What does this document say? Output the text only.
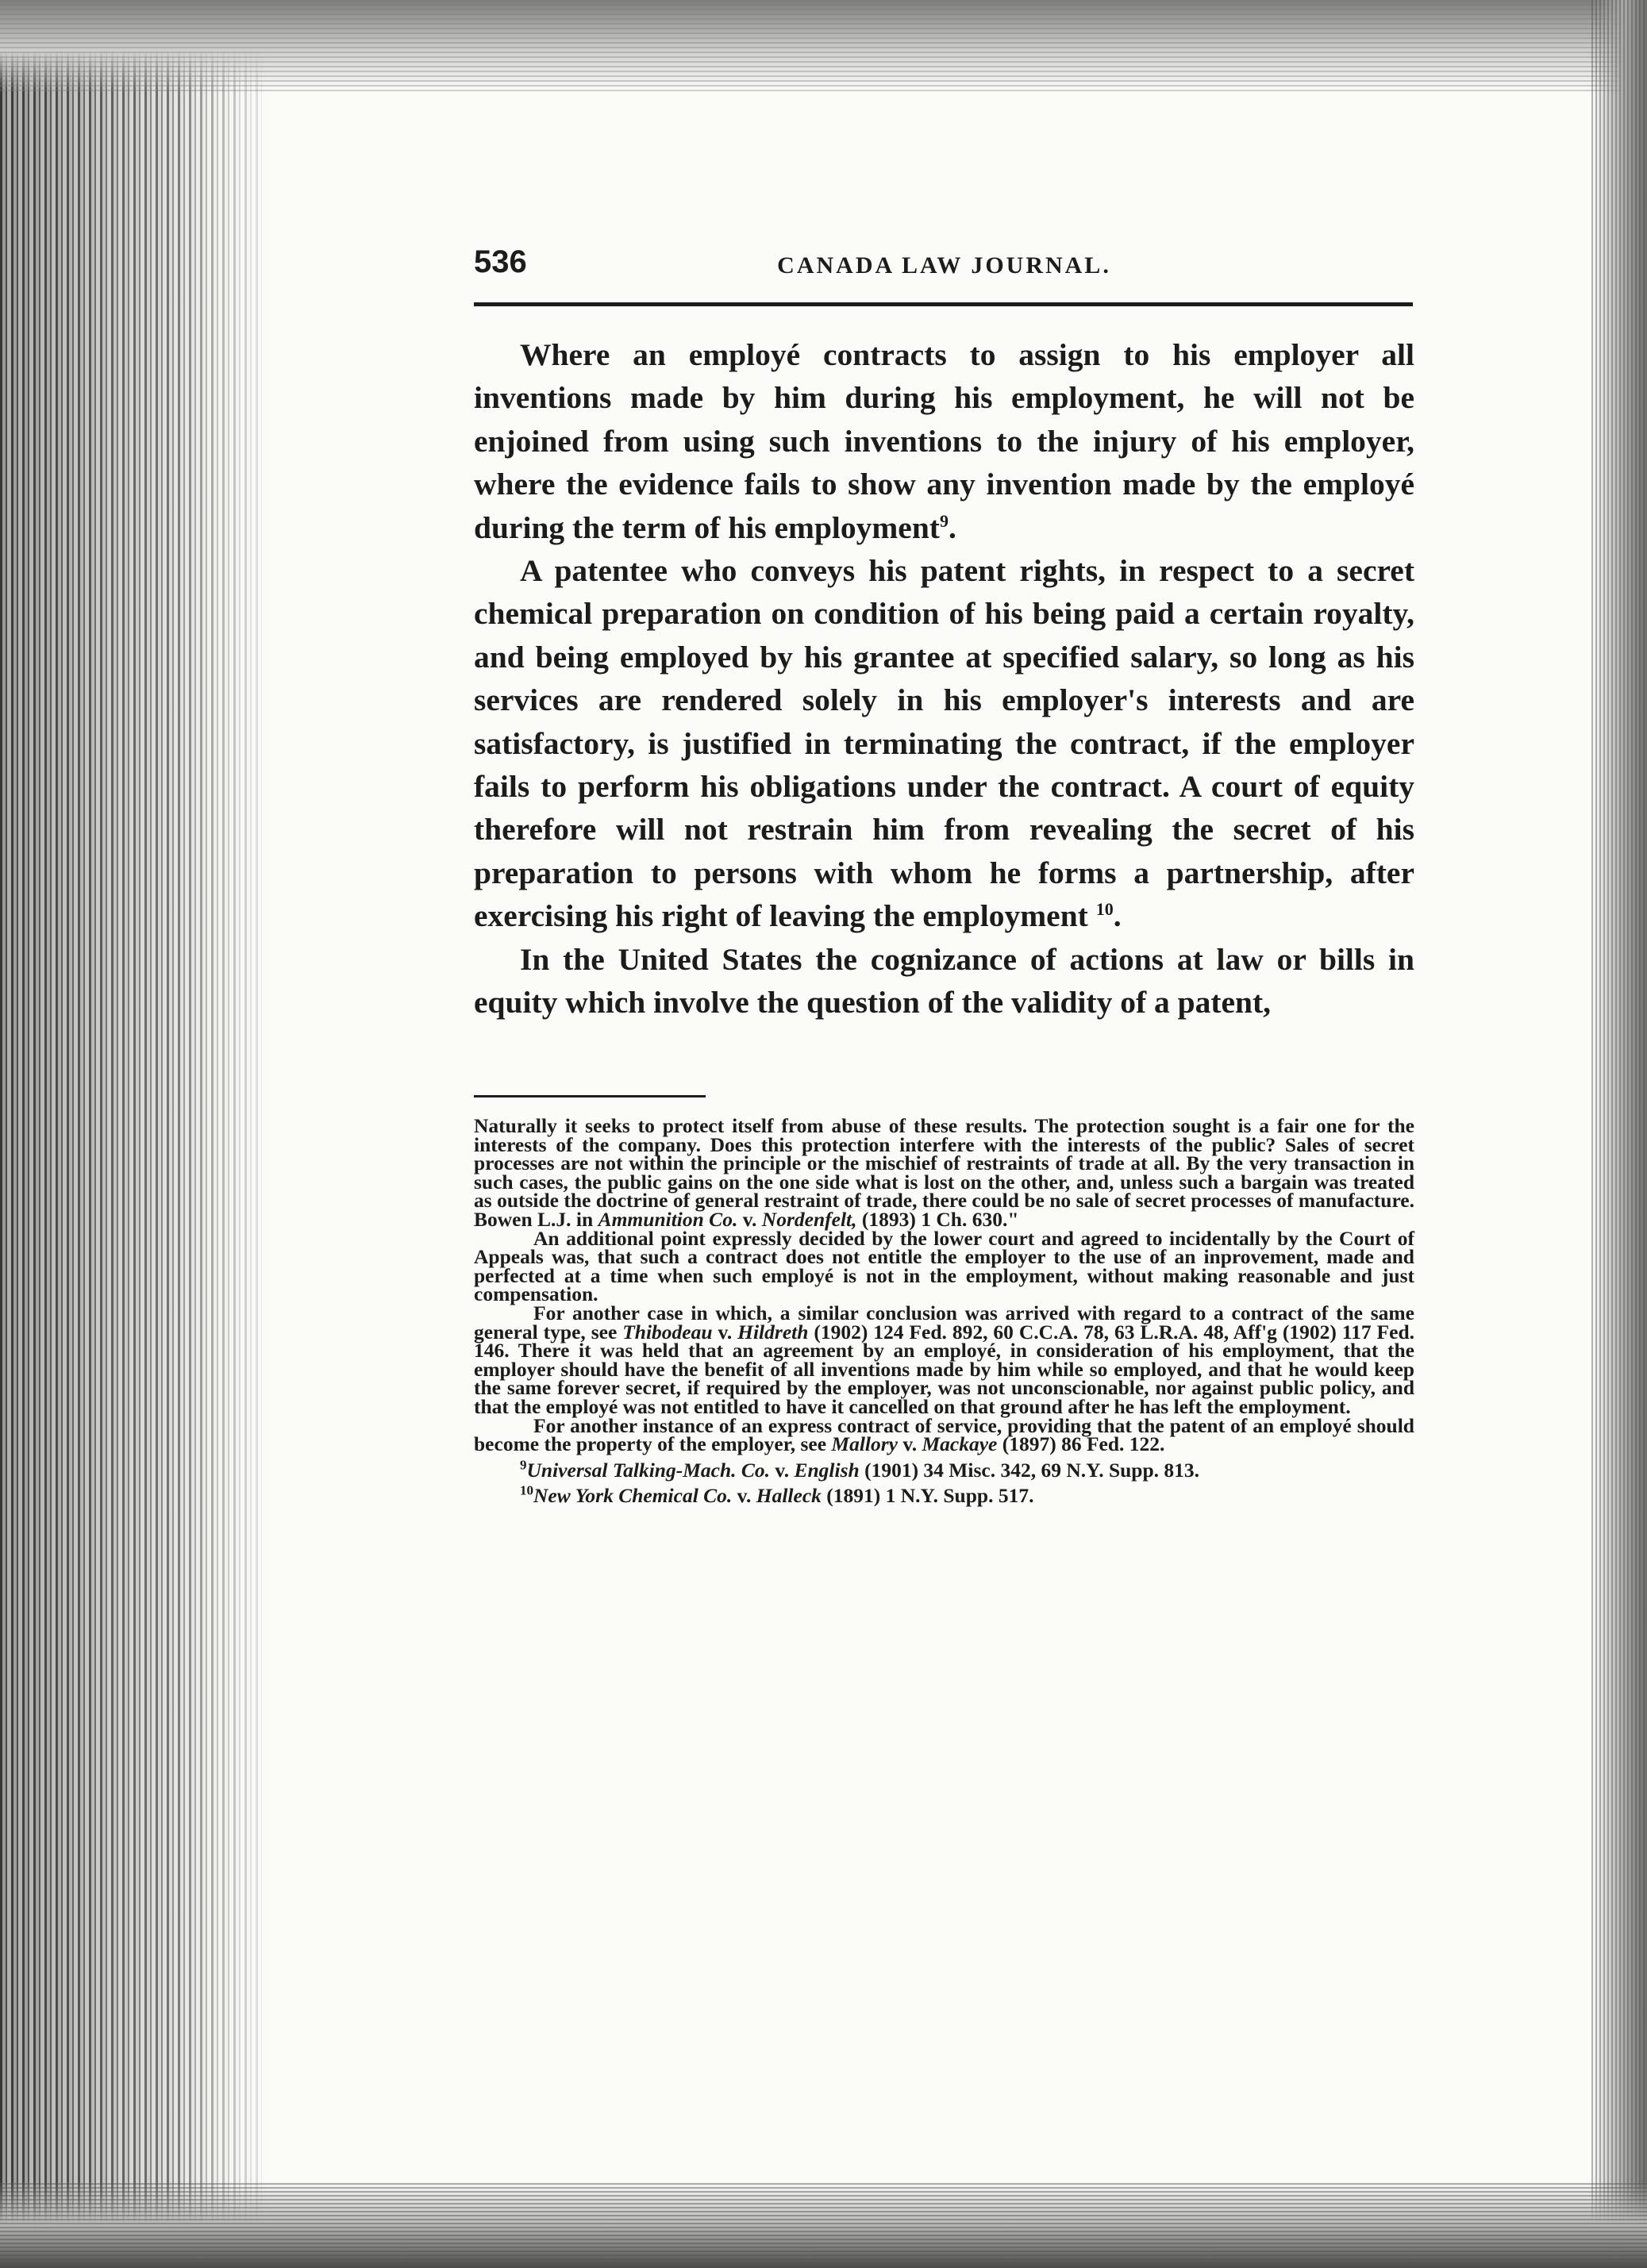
536	CANADA LAW JOURNAL.

Where an employé contracts to assign to his employer all inventions made by him during his employment, he will not be enjoined from using such inventions to the injury of his employer, where the evidence fails to show any invention made by the employé during the term of his employment$^9$.

A patentee who conveys his patent rights, in respect to a secret chemical preparation on condition of his being paid a certain royalty, and being employed by his grantee at specified salary, so long as his services are rendered solely in his employer's interests and are satisfactory, is justified in terminating the contract, if the employer fails to perform his obligations under the contract. A court of equity therefore will not restrain him from revealing the secret of his preparation to persons with whom he forms a partnership, after exercising his right of leaving the employment $^{10}$.

In the United States the cognizance of actions at law or bills in equity which involve the question of the validity of a patent,

Naturally it seeks to protect itself from abuse of these results. The protection sought is a fair one for the interests of the company. Does this protection interfere with the interests of the public? Sales of secret processes are not within the principle or the mischief of restraints of trade at all. By the very transaction in such cases, the public gains on the one side what is lost on the other, and, unless such a bargain was treated as outside the doctrine of general restraint of trade, there could be no sale of secret processes of manufacture. Bowen L.J. in Ammunition Co. v. Nordenfelt, (1893) 1 Ch. 630."

An additional point expressly decided by the lower court and agreed to incidentally by the Court of Appeals was, that such a contract does not entitle the employer to the use of an inprovement, made and perfected at a time when such employé is not in the employment, without making reasonable and just compensation.

For another case in which, a similar conclusion was arrived with regard to a contract of the same general type, see Thibodeau v. Hildreth (1902) 124 Fed. 892, 60 C.C.A. 78, 63 L.R.A. 48, Aff'g (1902) 117 Fed. 146. There it was held that an agreement by an employé, in consideration of his employment, that the employer should have the benefit of all inventions made by him while so employed, and that he would keep the same forever secret, if required by the employer, was not unconscionable, nor against public policy, and that the employé was not entitled to have it cancelled on that ground after he has left the employment.

For another instance of an express contract of service, providing that the patent of an employé should become the property of the employer, see Mallory v. Mackaye (1897) 86 Fed. 122.

$^9$Universal Talking-Mach. Co. v. English (1901) 34 Misc. 342, 69 N.Y. Supp. 813.

$^{10}$New York Chemical Co. v. Halleck (1891) 1 N.Y. Supp. 517.
